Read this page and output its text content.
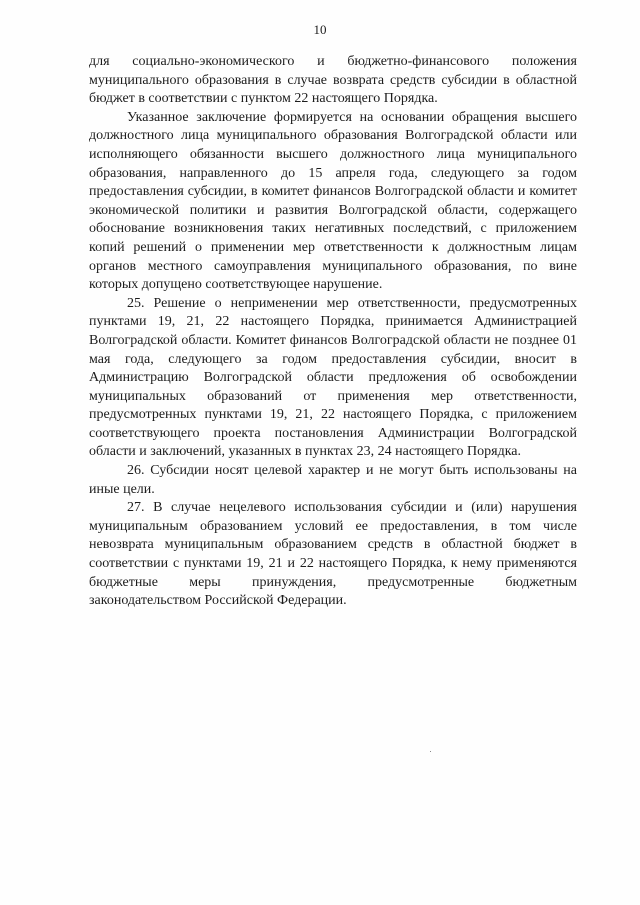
10

для социально-экономического и бюджетно-финансового положения муниципального образования в случае возврата средств субсидии в областной бюджет в соответствии с пунктом 22 настоящего Порядка.

Указанное заключение формируется на основании обращения высшего должностного лица муниципального образования Волгоградской области или исполняющего обязанности высшего должностного лица муниципального образования, направленного до 15 апреля года, следующего за годом предоставления субсидии, в комитет финансов Волгоградской области и комитет экономической политики и развития Волгоградской области, содержащего обоснование возникновения таких негативных последствий, с приложением копий решений о применении мер ответственности к должностным лицам органов местного самоуправления муниципального образования, по вине которых допущено соответствующее нарушение.

25. Решение о неприменении мер ответственности, предусмотренных пунктами 19, 21, 22 настоящего Порядка, принимается Администрацией Волгоградской области. Комитет финансов Волгоградской области не позднее 01 мая года, следующего за годом предоставления субсидии, вносит в Администрацию Волгоградской области предложения об освобождении муниципальных образований от применения мер ответственности, предусмотренных пунктами 19, 21, 22 настоящего Порядка, с приложением соответствующего проекта постановления Администрации Волгоградской области и заключений, указанных в пунктах 23, 24 настоящего Порядка.

26. Субсидии носят целевой характер и не могут быть использованы на иные цели.

27. В случае нецелевого использования субсидии и (или) нарушения муниципальным образованием условий ее предоставления, в том числе невозврата муниципальным образованием средств в областной бюджет в соответствии с пунктами 19, 21 и 22 настоящего Порядка, к нему применяются бюджетные меры принуждения, предусмотренные бюджетным законодательством Российской Федерации.
